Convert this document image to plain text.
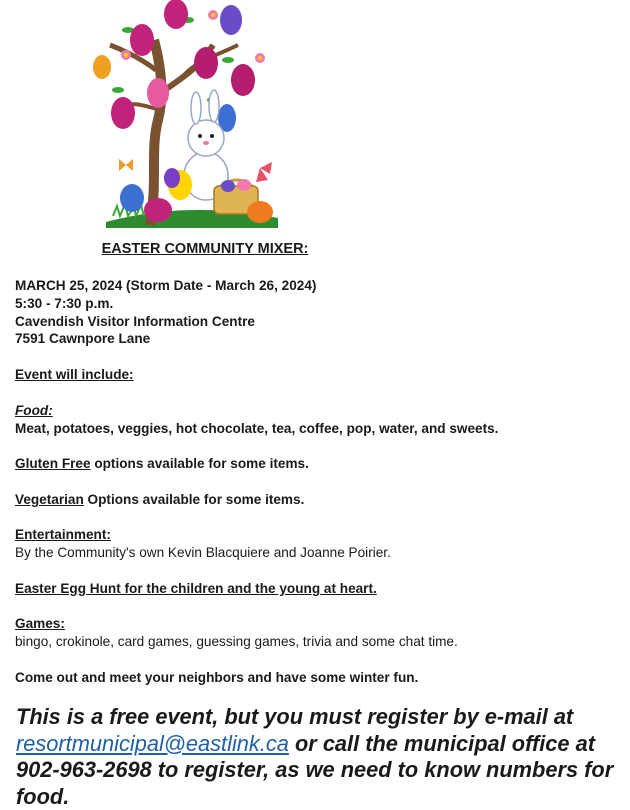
EASTER COMMUNITY MIXER:
MARCH 25, 2024 (Storm Date - March 26, 2024)
5:30 - 7:30 p.m.
Cavendish Visitor Information Centre
7591 Cawnpore Lane
Event will include:
Food:
Meat, potatoes, veggies, hot chocolate, tea, coffee, pop, water, and sweets.
Gluten Free options available for some items.
Vegetarian Options available for some items.
Entertainment:
By the Community's own Kevin Blacquiere and Joanne Poirier.
Easter Egg Hunt for the children and the young at heart.
Games:
bingo, crokinole, card games, guessing games, trivia and some chat time.
Come out and meet your neighbors and have some winter fun.
This is a free event, but you must register by e-mail at resortmunicipal@eastlink.ca or call the municipal office at 902-963-2698 to register, as we need to know numbers for food.
